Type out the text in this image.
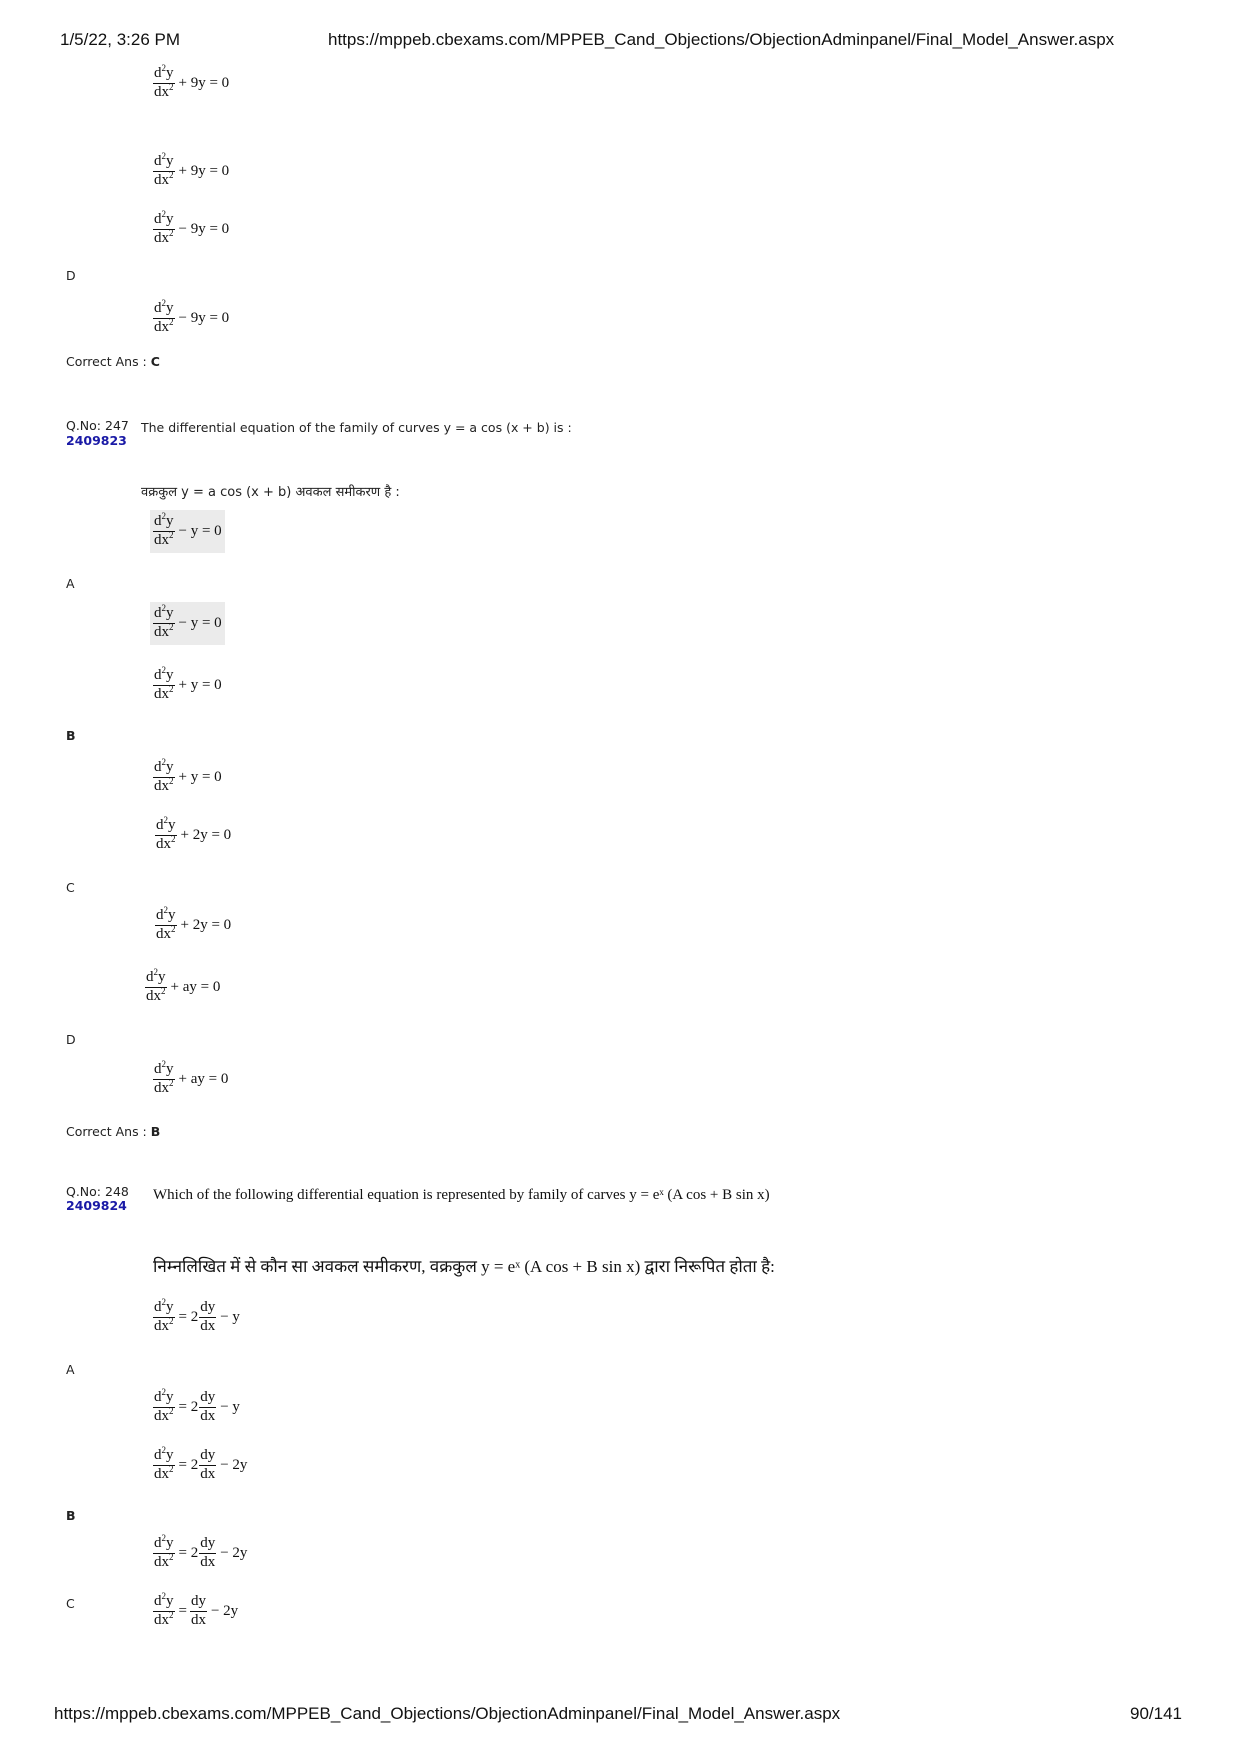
1/5/22, 3:26 PM	https://mppeb.cbexams.com/MPPEB_Cand_Objections/ObjectionAdminpanel/Final_Model_Answer.aspx
$\frac{d^2y}{dx^2} + 9y = 0$
$\frac{d^2y}{dx^2} + 9y = 0$
$\frac{d^2y}{dx^2} - 9y = 0$
D
$\frac{d^2y}{dx^2} - 9y = 0$
Correct Ans : C
Q.No: 247
2409823
The differential equation of the family of curves y = a cos (x + b) is :
वक्रकुल y = a cos (x + b) अवकल समीकरण है :
$\frac{d^2y}{dx^2} - y = 0$
A
$\frac{d^2y}{dx^2} - y = 0$
$\frac{d^2y}{dx^2} + y = 0$
B
$\frac{d^2y}{dx^2} + y = 0$
$\frac{d^2y}{dx^2} + 2y = 0$
C
$\frac{d^2y}{dx^2} + 2y = 0$
$\frac{d^2y}{dx^2}$ + ay = 0
D
$\frac{d^2y}{dx^2}$ + ay = 0
Correct Ans : B
Q.No: 248
2409824
Which of the following differential equation is represented by family of carves y = eˣ (A cos + B sin x)
निम्नलिखित में से कौन सा अवकल समीकरण, वक्रकुल y = eˣ (A cos + B sin x) द्वारा निरूपित होता है:
$\frac{d^2y}{dx^2} = 2 \frac{dy}{dx} - y$
A
$\frac{d^2y}{dx^2} = 2 \frac{dy}{dx} - y$
$\frac{d^2y}{dx^2} = 2 \frac{dy}{dx} - 2y$
B
$\frac{d^2y}{dx^2} = 2 \frac{dy}{dx} - 2y$
C	$\frac{d^2y}{dx^2} = \frac{dy}{dx} - 2y$
https://mppeb.cbexams.com/MPPEB_Cand_Objections/ObjectionAdminpanel/Final_Model_Answer.aspx	90/141
